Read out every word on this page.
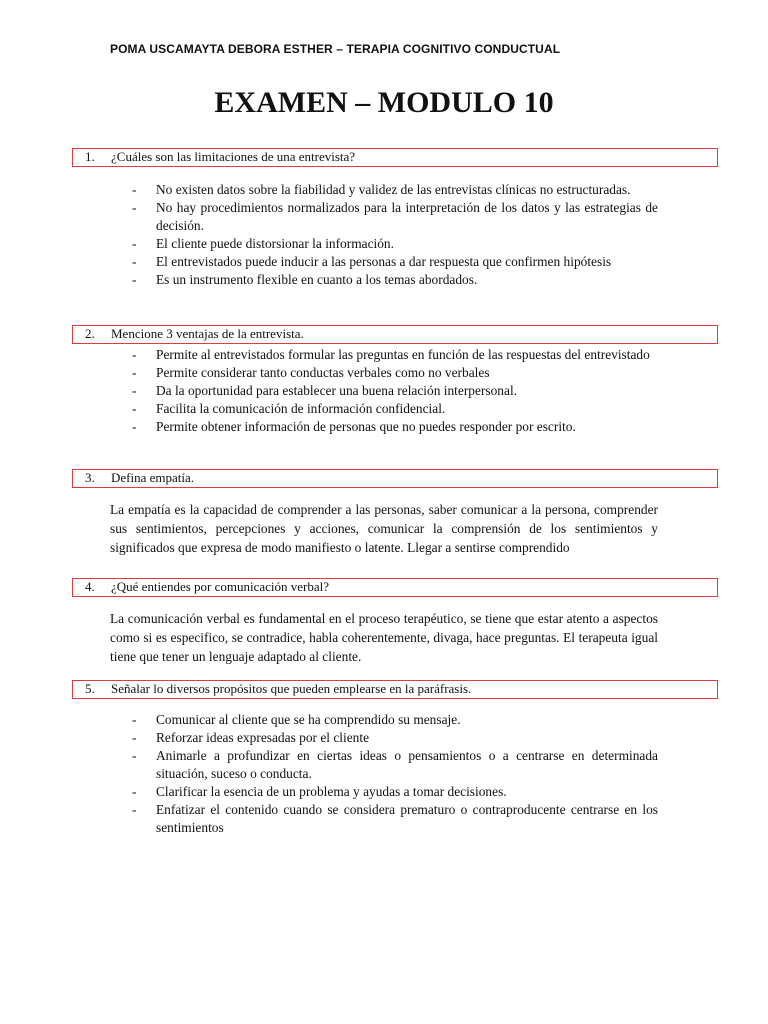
POMA USCAMAYTA DEBORA ESTHER – TERAPIA COGNITIVO CONDUCTUAL
EXAMEN – MODULO 10
1. ¿Cuáles son las limitaciones de una entrevista?
- No existen datos sobre la fiabilidad y validez de las entrevistas clínicas no estructuradas.
- No hay procedimientos normalizados para la interpretación de los datos y las estrategias de decisión.
- El cliente puede distorsionar la información.
- El entrevistados puede inducir a las personas a dar respuesta que confirmen hipótesis
- Es un instrumento flexible en cuanto a los temas abordados.
2. Mencione 3 ventajas de la entrevista.
- Permite al entrevistados formular las preguntas en función de las respuestas del entrevistado
- Permite considerar tanto conductas verbales como no verbales
- Da la oportunidad para establecer una buena relación interpersonal.
- Facilita la comunicación de información confidencial.
- Permite obtener información de personas que no puedes responder por escrito.
3. Defina empatía.

La empatía es la capacidad de comprender a las personas, saber comunicar a la persona, comprender sus sentimientos, percepciones y acciones, comunicar la comprensión de los sentimientos y significados que expresa de modo manifiesto o latente. Llegar a sentirse comprendido

4. ¿Qué entiendes por comunicación verbal?

La comunicación verbal es fundamental en el proceso terapéutico, se tiene que estar atento a aspectos como si es especifico, se contradice, habla coherentemente, divaga, hace preguntas. El terapeuta igual tiene que tener un lenguaje adaptado al cliente.

5. Señalar lo diversos propósitos que pueden emplearse en la paráfrasis.
- Comunicar al cliente que se ha comprendido su mensaje.
- Reforzar ideas expresadas por el cliente
- Animarle a profundizar en ciertas ideas o pensamientos o a centrarse en determinada situación, suceso o conducta.
- Clarificar la esencia de un problema y ayudas a tomar decisiones.
- Enfatizar el contenido cuando se considera prematuro o contraproducente centrarse en los sentimientos
